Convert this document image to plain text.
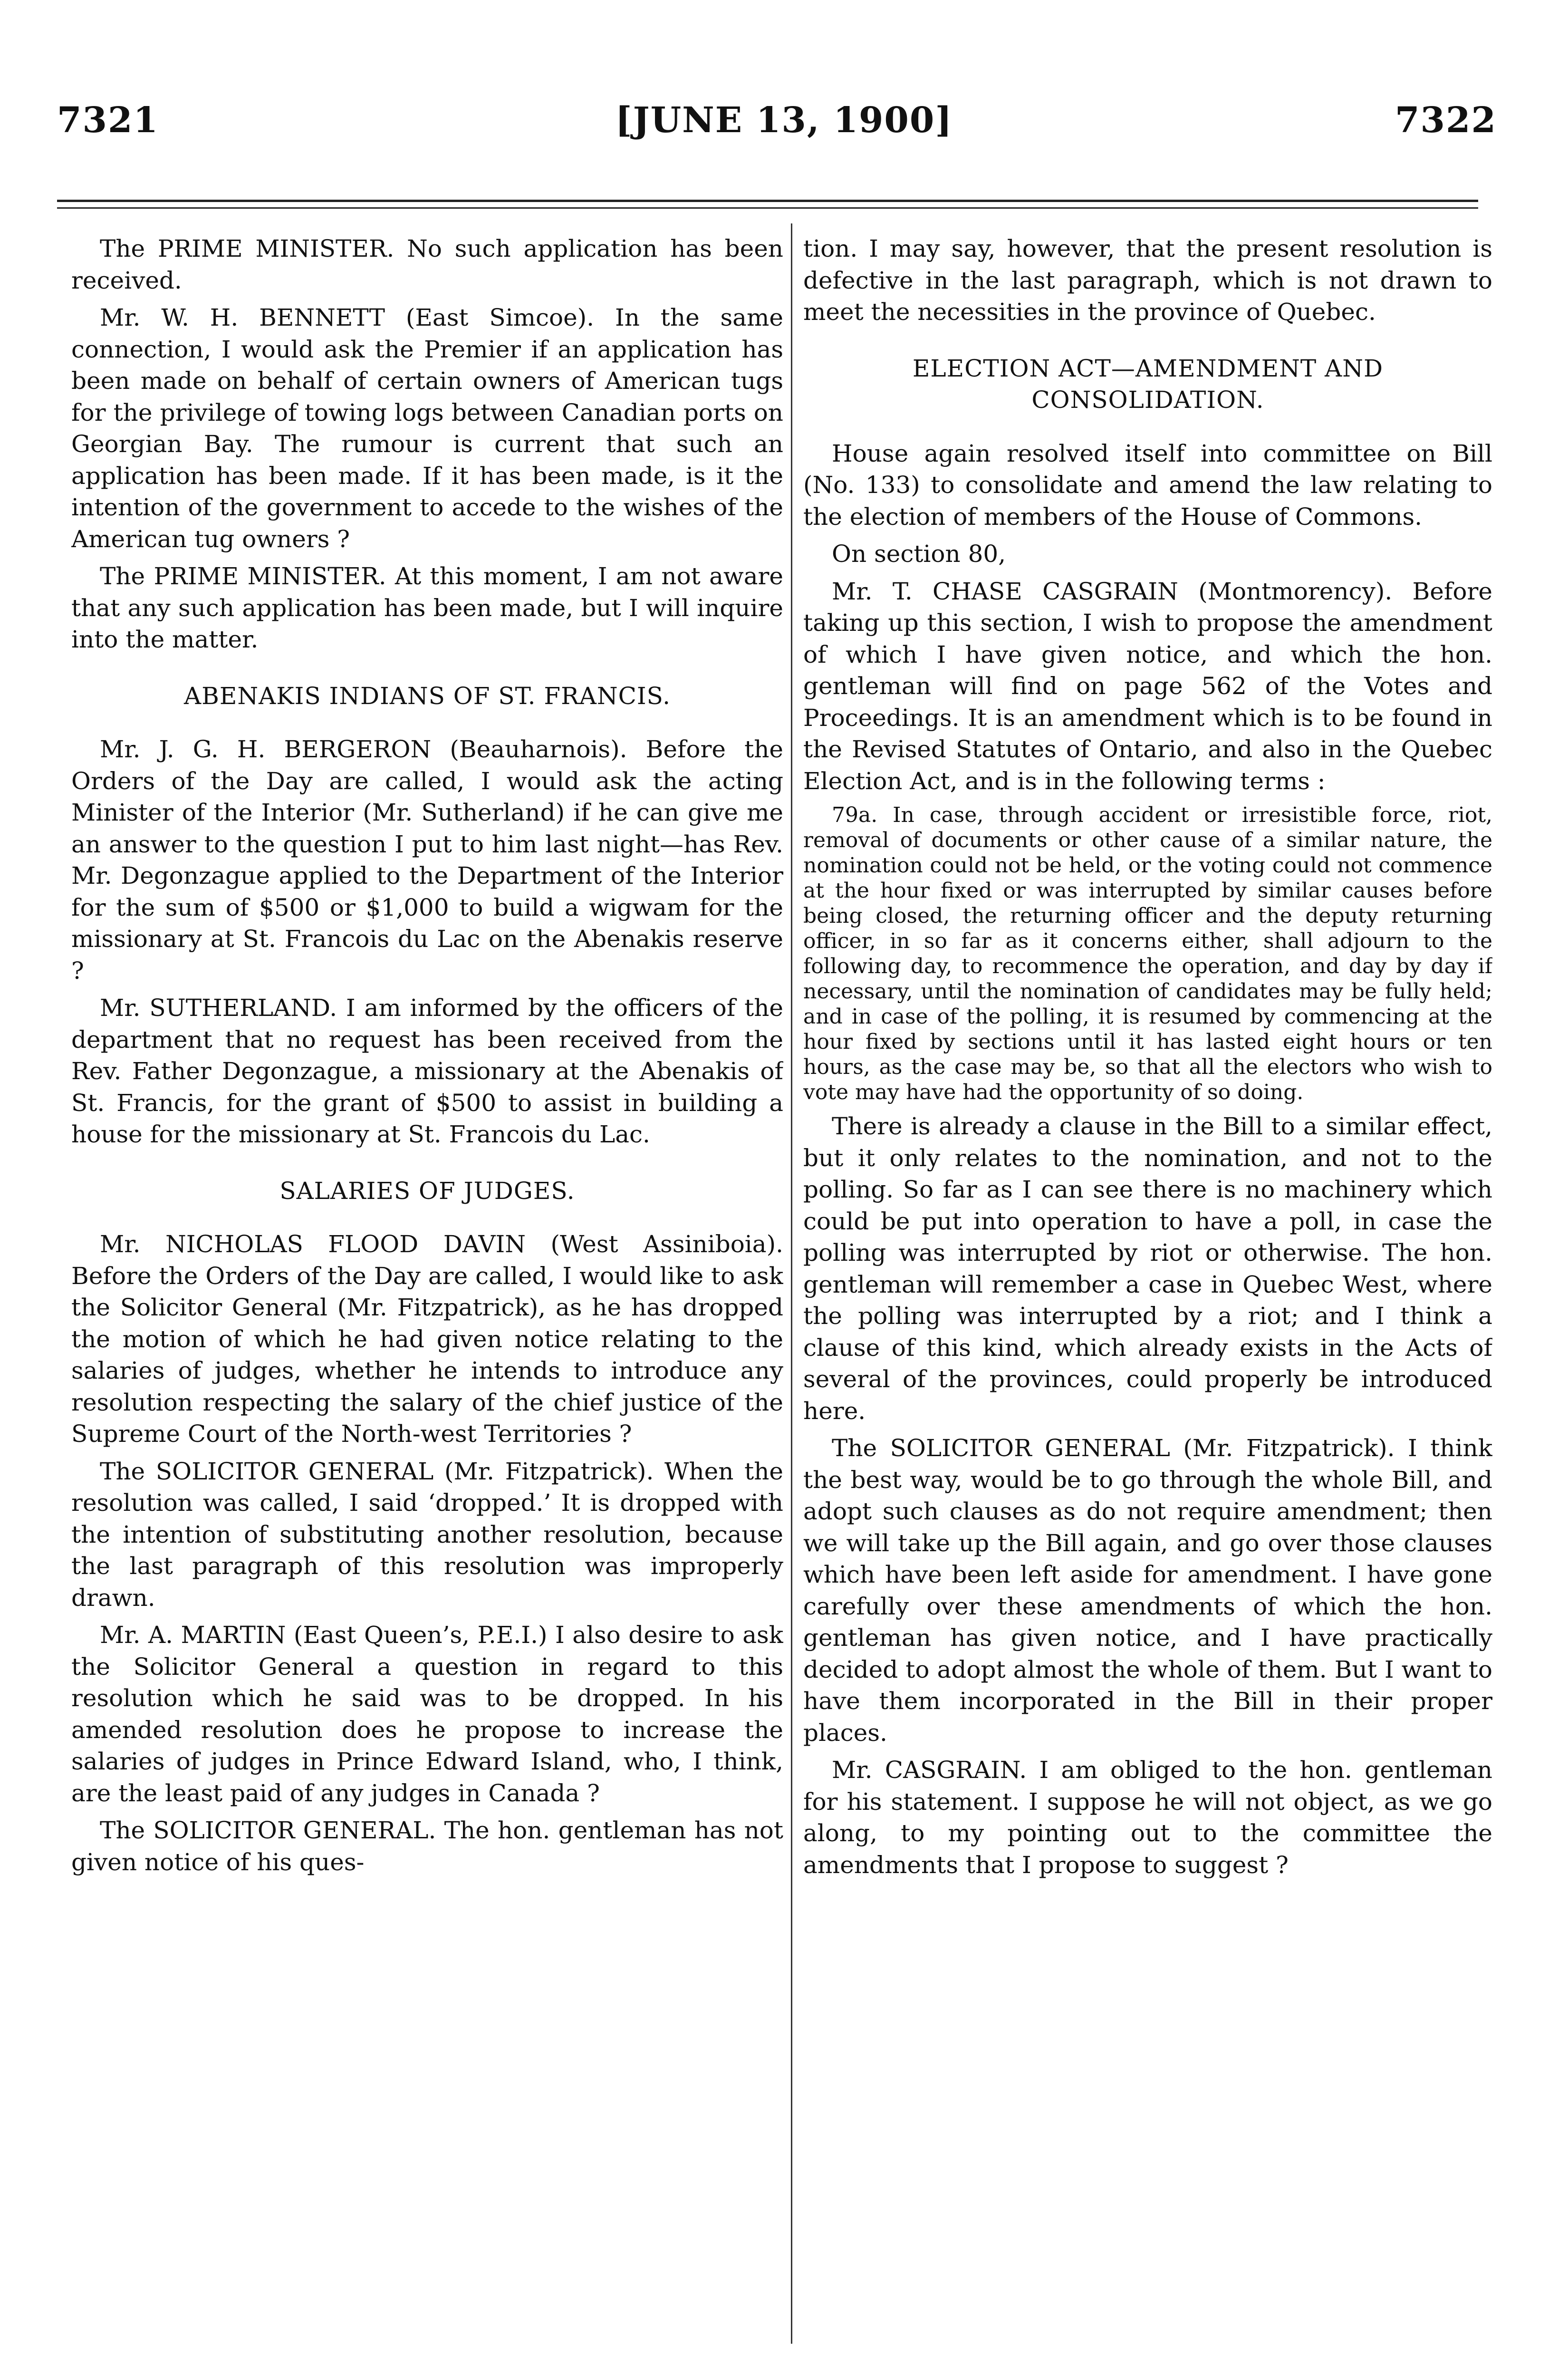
7321	[JUNE 13, 1900]	7322

The PRIME MINISTER. No such application has been received.

Mr. W. H. BENNETT (East Simcoe). In the same connection, I would ask the Premier if an application has been made on behalf of certain owners of American tugs for the privilege of towing logs between Canadian ports on Georgian Bay. The rumour is current that such an application has been made. If it has been made, is it the intention of the government to accede to the wishes of the American tug owners ?

The PRIME MINISTER. At this moment, I am not aware that any such application has been made, but I will inquire into the matter.

ABENAKIS INDIANS OF ST. FRANCIS.

Mr. J. G. H. BERGERON (Beauharnois). Before the Orders of the Day are called, I would ask the acting Minister of the Interior (Mr. Sutherland) if he can give me an answer to the question I put to him last night—has Rev. Mr. Degonzague applied to the Department of the Interior for the sum of $500 or $1,000 to build a wigwam for the missionary at St. Francois du Lac on the Abenakis reserve ?

Mr. SUTHERLAND. I am informed by the officers of the department that no request has been received from the Rev. Father Degonzague, a missionary at the Abenakis of St. Francis, for the grant of $500 to assist in building a house for the missionary at St. Francois du Lac.

SALARIES OF JUDGES.

Mr. NICHOLAS FLOOD DAVIN (West Assiniboia). Before the Orders of the Day are called, I would like to ask the Solicitor General (Mr. Fitzpatrick), as he has dropped the motion of which he had given notice relating to the salaries of judges, whether he intends to introduce any resolution respecting the salary of the chief justice of the Supreme Court of the North-west Territories ?

The SOLICITOR GENERAL (Mr. Fitzpatrick). When the resolution was called, I said ‘dropped.’ It is dropped with the intention of substituting another resolution, because the last paragraph of this resolution was improperly drawn.

Mr. A. MARTIN (East Queen’s, P.E.I.) I also desire to ask the Solicitor General a question in regard to this resolution which he said was to be dropped. In his amended resolution does he propose to increase the salaries of judges in Prince Edward Island, who, I think, are the least paid of any judges in Canada ?

The SOLICITOR GENERAL. The hon. gentleman has not given notice of his ques-

tion. I may say, however, that the present resolution is defective in the last paragraph, which is not drawn to meet the necessities in the province of Quebec.

ELECTION ACT—AMENDMENT AND CONSOLIDATION.

House again resolved itself into committee on Bill (No. 133) to consolidate and amend the law relating to the election of members of the House of Commons.

On section 80,

Mr. T. CHASE CASGRAIN (Montmorency). Before taking up this section, I wish to propose the amendment of which I have given notice, and which the hon. gentleman will find on page 562 of the Votes and Proceedings. It is an amendment which is to be found in the Revised Statutes of Ontario, and also in the Quebec Election Act, and is in the following terms :

79a. In case, through accident or irresistible force, riot, removal of documents or other cause of a similar nature, the nomination could not be held, or the voting could not commence at the hour fixed or was interrupted by similar causes before being closed, the returning officer and the deputy returning officer, in so far as it concerns either, shall adjourn to the following day, to recommence the operation, and day by day if necessary, until the nomination of candidates may be fully held; and in case of the polling, it is resumed by commencing at the hour fixed by sections until it has lasted eight hours or ten hours, as the case may be, so that all the electors who wish to vote may have had the opportunity of so doing.

There is already a clause in the Bill to a similar effect, but it only relates to the nomination, and not to the polling. So far as I can see there is no machinery which could be put into operation to have a poll, in case the polling was interrupted by riot or otherwise. The hon. gentleman will remember a case in Quebec West, where the polling was interrupted by a riot; and I think a clause of this kind, which already exists in the Acts of several of the provinces, could properly be introduced here.

The SOLICITOR GENERAL (Mr. Fitzpatrick). I think the best way, would be to go through the whole Bill, and adopt such clauses as do not require amendment; then we will take up the Bill again, and go over those clauses which have been left aside for amendment. I have gone carefully over these amendments of which the hon. gentleman has given notice, and I have practically decided to adopt almost the whole of them. But I want to have them incorporated in the Bill in their proper places.

Mr. CASGRAIN. I am obliged to the hon. gentleman for his statement. I suppose he will not object, as we go along, to my pointing out to the committee the amendments that I propose to suggest ?
